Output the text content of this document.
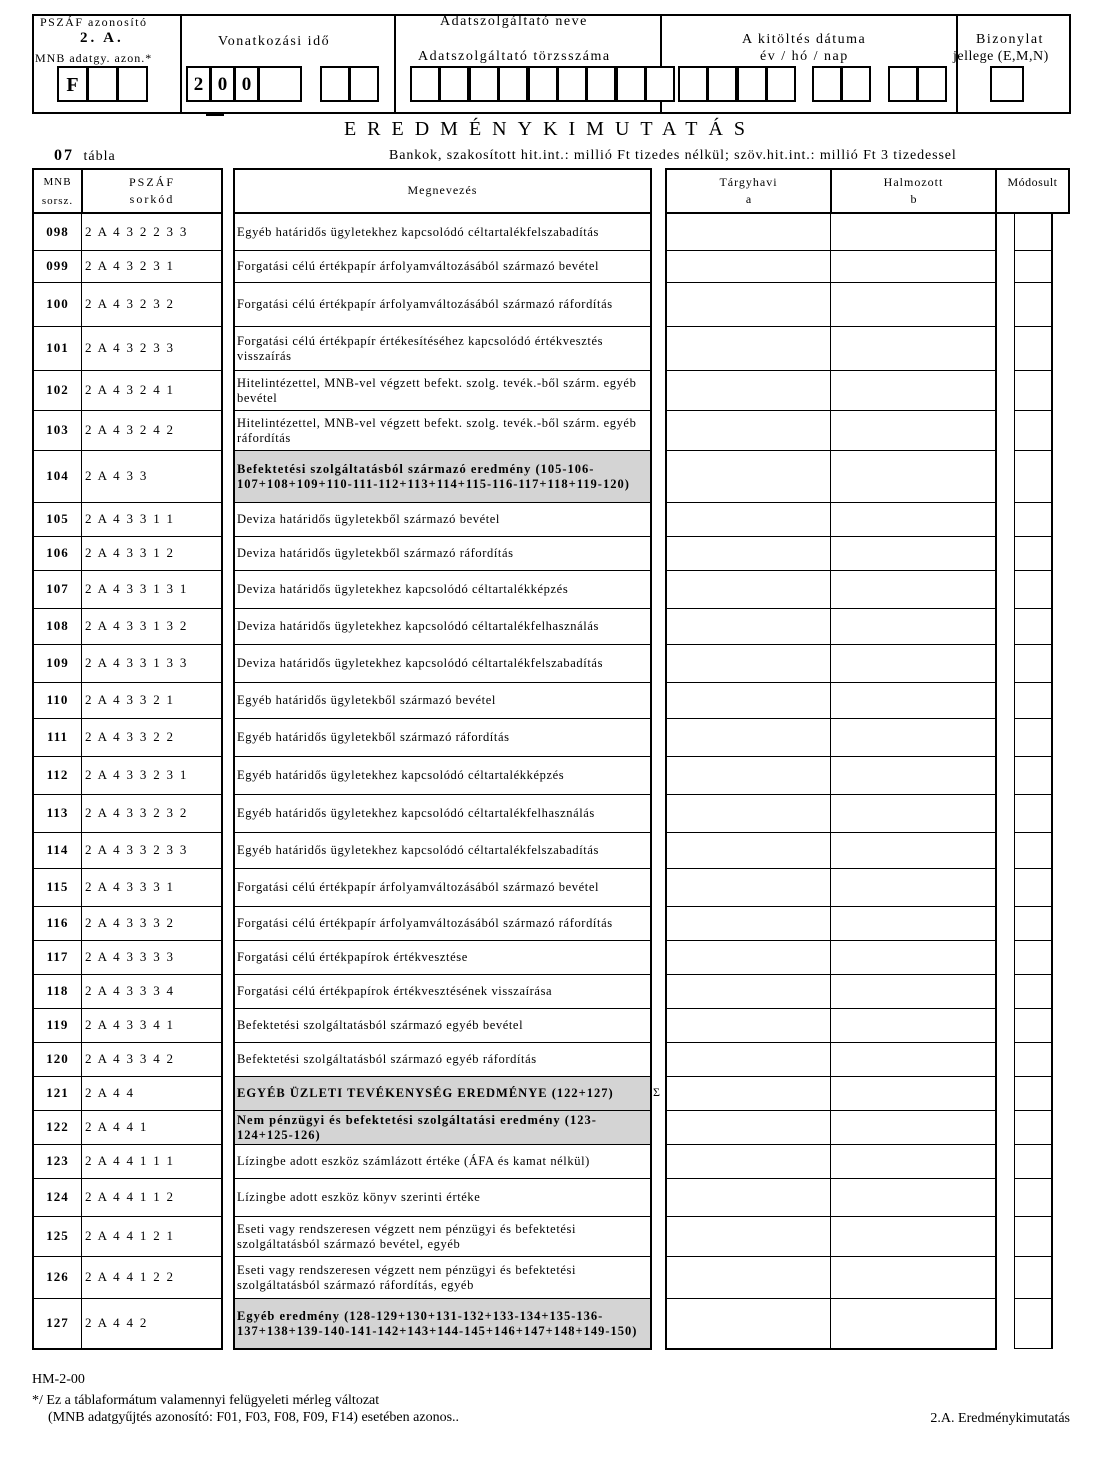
PSZÁF azonosító
2. A.
MNB adatgy. azon.*
F
Vonatkozási idő
2 0 0
Adatszolgáltató neve
Adatszolgáltató törzsszáma
A kitöltés dátuma
év / hó / nap
Bizonylat
jellege (E,M,N)
EREDMÉNYKIMUTATÁS
07 tábla	Bankok, szakosított hit.int.: millió Ft tizedes nélkül; szöv.hit.int.: millió Ft 3 tizedessel
MNB
sorsz.
PSZÁF
sorkód
Megnevezés
Tárgyhavi
a
Halmozott
b
Módosult
098	2 A 4 3 2 2 3 3	Egyéb határidős ügyletekhez kapcsolódó céltartalékfelszabadítás
099	2 A 4 3 2 3 1	Forgatási célú értékpapír árfolyamváltozásából származó bevétel
100	2 A 4 3 2 3 2	Forgatási célú értékpapír árfolyamváltozásából származó ráfordítás
101	2 A 4 3 2 3 3	Forgatási célú értékpapír értékesítéséhez kapcsolódó értékvesztés visszaírás
102	2 A 4 3 2 4 1	Hitelintézettel, MNB-vel végzett befekt. szolg. tevék.-ből szárm. egyéb bevétel
103	2 A 4 3 2 4 2	Hitelintézettel, MNB-vel végzett befekt. szolg. tevék.-ből szárm. egyéb ráfordítás
104	2 A 4 3 3	Befektetési szolgáltatásból származó eredmény (105-106-107+108+109+110-111-112+113+114+115-116-117+118+119-120)
105	2 A 4 3 3 1 1	Deviza határidős ügyletekből származó bevétel
106	2 A 4 3 3 1 2	Deviza határidős ügyletekből származó ráfordítás
107	2 A 4 3 3 1 3 1	Deviza határidős ügyletekhez kapcsolódó céltartalékképzés
108	2 A 4 3 3 1 3 2	Deviza határidős ügyletekhez kapcsolódó céltartalékfelhasználás
109	2 A 4 3 3 1 3 3	Deviza határidős ügyletekhez kapcsolódó céltartalékfelszabadítás
110	2 A 4 3 3 2 1	Egyéb határidős ügyletekből származó bevétel
111	2 A 4 3 3 2 2	Egyéb határidős ügyletekből származó ráfordítás
112	2 A 4 3 3 2 3 1	Egyéb határidős ügyletekhez kapcsolódó céltartalékképzés
113	2 A 4 3 3 2 3 2	Egyéb határidős ügyletekhez kapcsolódó céltartalékfelhasználás
114	2 A 4 3 3 2 3 3	Egyéb határidős ügyletekhez kapcsolódó céltartalékfelszabadítás
115	2 A 4 3 3 3 1	Forgatási célú értékpapír árfolyamváltozásából származó bevétel
116	2 A 4 3 3 3 2	Forgatási célú értékpapír árfolyamváltozásából származó ráfordítás
117	2 A 4 3 3 3 3	Forgatási célú értékpapírok értékvesztése
118	2 A 4 3 3 3 4	Forgatási célú értékpapírok értékvesztésének visszaírása
119	2 A 4 3 3 4 1	Befektetési szolgáltatásból származó egyéb bevétel
120	2 A 4 3 3 4 2	Befektetési szolgáltatásból származó egyéb ráfordítás
121	2 A 4 4	EGYÉB ÜZLETI TEVÉKENYSÉG EREDMÉNYE (122+127)	Σ
122	2 A 4 4 1	Nem pénzügyi és befektetési szolgáltatási eredmény (123-124+125-126)
123	2 A 4 4 1 1 1	Lízingbe adott eszköz számlázott értéke (ÁFA és kamat nélkül)
124	2 A 4 4 1 1 2	Lízingbe adott eszköz könyv szerinti értéke
125	2 A 4 4 1 2 1	Eseti vagy rendszeresen végzett nem pénzügyi és befektetési szolgáltatásból származó bevétel, egyéb
126	2 A 4 4 1 2 2	Eseti vagy rendszeresen végzett nem pénzügyi és befektetési szolgáltatásból származó ráfordítás, egyéb
127	2 A 4 4 2	Egyéb eredmény (128-129+130+131-132+133-134+135-136-137+138+139-140-141-142+143+144-145+146+147+148+149-150)
HM-2-00
*/ Ez a táblaformátum valamennyi felügyeleti mérleg változat
(MNB adatgyűjtés azonosító: F01, F03, F08, F09, F14) esetében azonos..	2.A. Eredménykimutatás
